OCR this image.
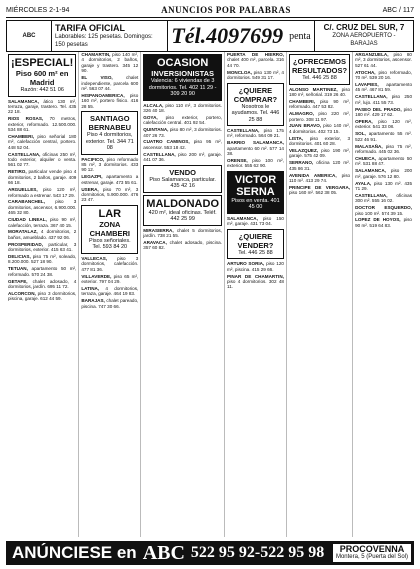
MIÉRCOLES 2-1-94	ANUNCIOS POR PALABRAS	ABC / 117
ABC
TARIFA OFICIAL
Laborables: 125 pesetas. Domingos: 150 pesetas	Tél.4097699 penta
C/. CRUZ DEL SUR, 7
ZONA AEROPUERTO - BARAJAS
¡ESPECIAL!
Piso 600 m² en Madrid
Razón: 442 51 06
SALAMANCA, ático 130 m², terraza, garaje, trastero. Tel. 435 22 18.
RIOS ROSAS, 70 metros, exterior, reformado. 12.500.000. 534 88 61.
CHAMBERI, piso señorial 180 m², calefacción central, portero. 448 52 04.
CASTELLANA, oficinas 250 m², todo exterior, alquiler o venta. 561 02 77.
RETIRO, particular vende piso 4 dormitorios, 2 baños, garaje. 409 66 18.
ARGUELLES, piso 120 m², reformado a estrenar. 543 17 29.
CARABANCHEL, piso 3 dormitorios, ascensor, 6.900.000. 465 32 80.
CIUDAD LINEAL, piso 90 m², calefacción, terraza. 367 40 15.
MORATALAZ, 4 dormitorios, 2 baños, amueblado. 437 92 06.
PROSPERIDAD, particular, 3 dormitorios, exterior. 415 63 41.
DELICIAS, piso 75 m², soleado, 8.200.000. 527 18 90.
TETUAN, apartamento 50 m², reformado. 570 24 38.
GETAFE, chalet adosado, 4 dormitorios, jardín. 695 11 72.
ALCORCON, piso 3 dormitorios, piscina, garaje. 612 44 59.
CHAMARTIN, piso 140 m², 4 dormitorios, 2 baños, garaje y trastero. 345 12 90.
EL VISO, chalet independiente, parcela 600 m². 563 07 44.
HISPANOAMERICA, piso 160 m², portero físico. 416 28 55.
SANTIAGO BERNABEU
Piso 4 dormitorios, exterior. Tel. 344 71 08
PACIFICO, piso reformado 85 m², 3 dormitorios. 433 90 12.
LEGAZPI, apartamento a estrenar, garaje. 473 55 61.
USERA, piso 70 m², 3 dormitorios, 5.900.000. 476 23 47.
LAR
ZONA CHAMBERI
Pisos señoriales. Tel. 593 84 20
VALLECAS, piso 3 dormitorios, calefacción. 477 81 36.
VILLAVERDE, piso 65 m², exterior. 797 04 29.
LATINA, 4 dormitorios, terraza, garaje. 464 19 83.
BARAJAS, chalet pareado, piscina. 747 30 66.
OCASION
INVERSIONISTAS
Valencia: 6 viviendas de 3 dormitorios. Tel. 402 11 29 - 309 20 90
ALCALA, piso 110 m², 3 dormitorios. 326 40 18.
GOYA, piso exterior, portero, calefacción central. 401 92 54.
QUINTANA, piso 80 m², 3 dormitorios. 407 26 73.
CUATRO CAMINOS, piso 95 m², ascensor. 553 18 42.
CASTELLANA, piso 200 m², garaje. 441 07 36.
VENDO
Piso Salamanca, particular. 435 42 16
MALDONADO
420 m², ideal oficinas. Teléf. 442 25 99
MIRASIERRA, chalet 5 dormitorios, jardín. 738 21 55.
ARAVACA, chalet adosado, piscina. 357 60 82.
PUERTA DE HIERRO, chalet 400 m², parcela. 316 44 70.
MONCLOA, piso 130 m², 4 dormitorios. 549 31 17.
¿QUIERE COMPRAR?
Nosotros le ayudamos. Tel. 446 25 88
CASTELLANA, piso 175 m², reformado. 564 09 21.
BARRIO SALAMANCA, apartamento 60 m². 577 14 38.
ORENSE, piso 100 m², exterior. 555 62 90.
VICTOR SERNA
Pisos en venta. 401 45 00
SALAMANCA, piso 150 m², garaje. 431 73 04.
¿QUIERE VENDER?
Tel. 446 25 88
ARTURO SORIA, piso 120 m², piscina. 415 29 66.
PINAR DE CHAMARTIN, piso 4 dormitorios. 302 48 11.
¿OFRECEMOS RESULTADOS?
Tel. 446 25 88
ALONSO MARTINEZ, piso 180 m², señorial. 319 26 40.
CHAMBERI, piso 90 m², reformado. 447 53 82.
ALMAGRO, piso 220 m², portero. 308 11 97.
JUAN BRAVO, piso 140 m², 4 dormitorios. 402 73 15.
LISTA, piso exterior, 3 dormitorios. 401 60 28.
VELAZQUEZ, piso 190 m², garaje. 575 42 09.
SERRANO, oficina 120 m². 435 86 31.
AVENIDA AMERICA, piso 110 m². 413 29 74.
PRINCIPE DE VERGARA, piso 160 m². 562 38 05.
ARGANZUELA, piso 80 m², 3 dormitorios, ascensor. 527 61 44.
ATOCHA, piso reformado, 70 m². 539 20 16.
LAVAPIES, apartamento 45 m². 467 81 59.
CASTELLANA, piso 250 m², lujo. 411 55 73.
PASEO DEL PRADO, piso 180 m². 429 17 62.
OPERA, piso 120 m², exterior. 541 33 08.
SOL, apartamento 55 m². 522 46 91.
MALASAÑA, piso 75 m², reformado. 445 02 36.
CHUECA, apartamento 50 m². 531 88 47.
SALAMANCA, piso 200 m², garaje. 576 12 80.
AYALA, piso 130 m². 435 71 29.
CASTELLANA, oficinas 300 m². 555 16 02.
DOCTOR ESQUERDO, piso 100 m². 574 39 15.
LOPEZ DE HOYOS, piso 90 m². 519 64 83.
ANÚNCIESE en ABC 522 95 92-522 95 98	PROCOVENNA
Montera, 5 (Puerta del Sol)
